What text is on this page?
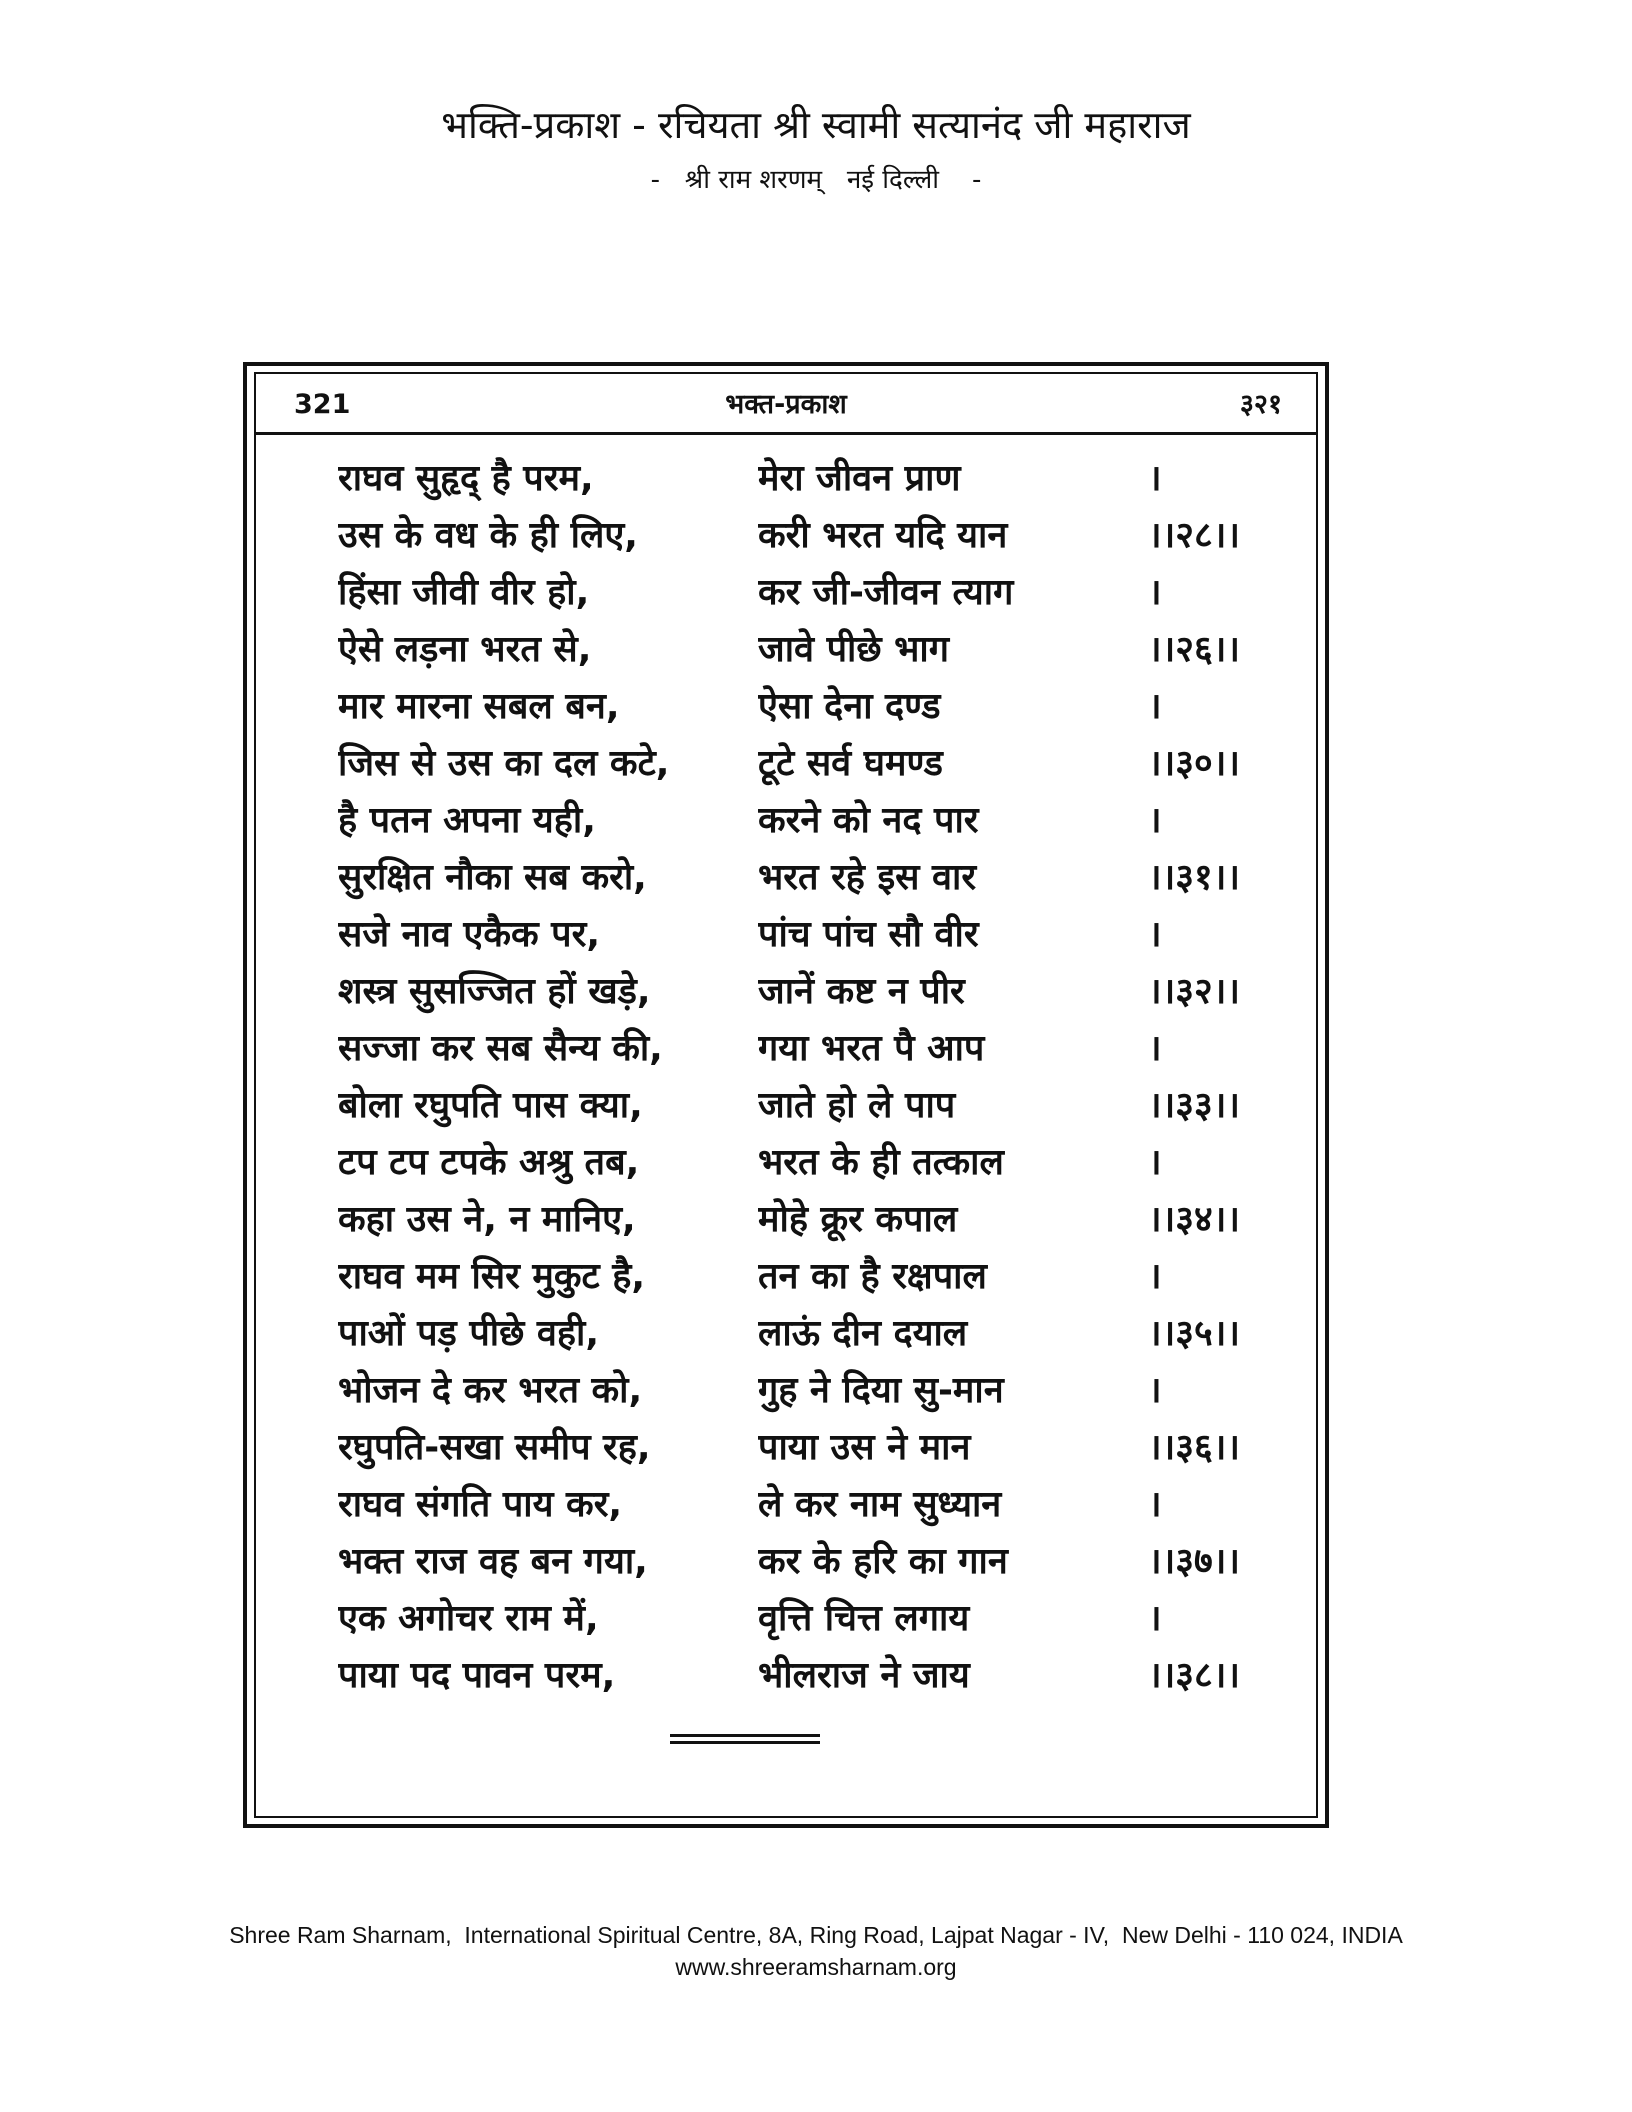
भक्ति-प्रकाश - रचियता श्री स्वामी सत्यानंद जी महाराज
-   श्री राम शरणम्   नई दिल्ली    -
321	भक्त-प्रकाश	३२१
राघव सुहृद् है परम,	मेरा जीवन प्राण	।
उस के वध के ही लिए,	करी भरत यदि यान	।।२८।।
हिंसा जीवी वीर हो,	कर जी-जीवन त्याग	।
ऐसे लड़ना भरत से,	जावे पीछे भाग	।।२६।।
मार मारना सबल बन,	ऐसा देना दण्ड	।
जिस से उस का दल कटे,	टूटे सर्व घमण्ड	।।३०।।
है पतन अपना यही,	करने को नद पार	।
सुरक्षित नौका सब करो,	भरत रहे इस वार	।।३१।।
सजे नाव एकैक पर,	पांच पांच सौ वीर	।
शस्त्र सुसज्जित हों खड़े,	जानें कष्ट न पीर	।।३२।।
सज्जा कर सब सैन्य की,	गया भरत पै आप	।
बोला रघुपति पास क्या,	जाते हो ले पाप	।।३३।।
टप टप टपके अश्रु तब,	भरत के ही तत्काल	।
कहा उस ने, न मानिए,	मोहे क्रूर कपाल	।।३४।।
राघव मम सिर मुकुट है,	तन का है रक्षपाल	।
पाओं पड़ पीछे वही,	लाऊं दीन दयाल	।।३५।।
भोजन दे कर भरत को,	गुह ने दिया सु-मान	।
रघुपति-सखा समीप रह,	पाया उस ने मान	।।३६।।
राघव संगति पाय कर,	ले कर नाम सुध्यान	।
भक्त राज वह बन गया,	कर के हरि का गान	।।३७।।
एक अगोचर राम में,	वृत्ति चित्त लगाय	।
पाया पद पावन परम,	भीलराज ने जाय	।।३८।।
Shree Ram Sharnam,  International Spiritual Centre, 8A, Ring Road, Lajpat Nagar - IV,  New Delhi - 110 024, INDIA
www.shreeramsharnam.org
